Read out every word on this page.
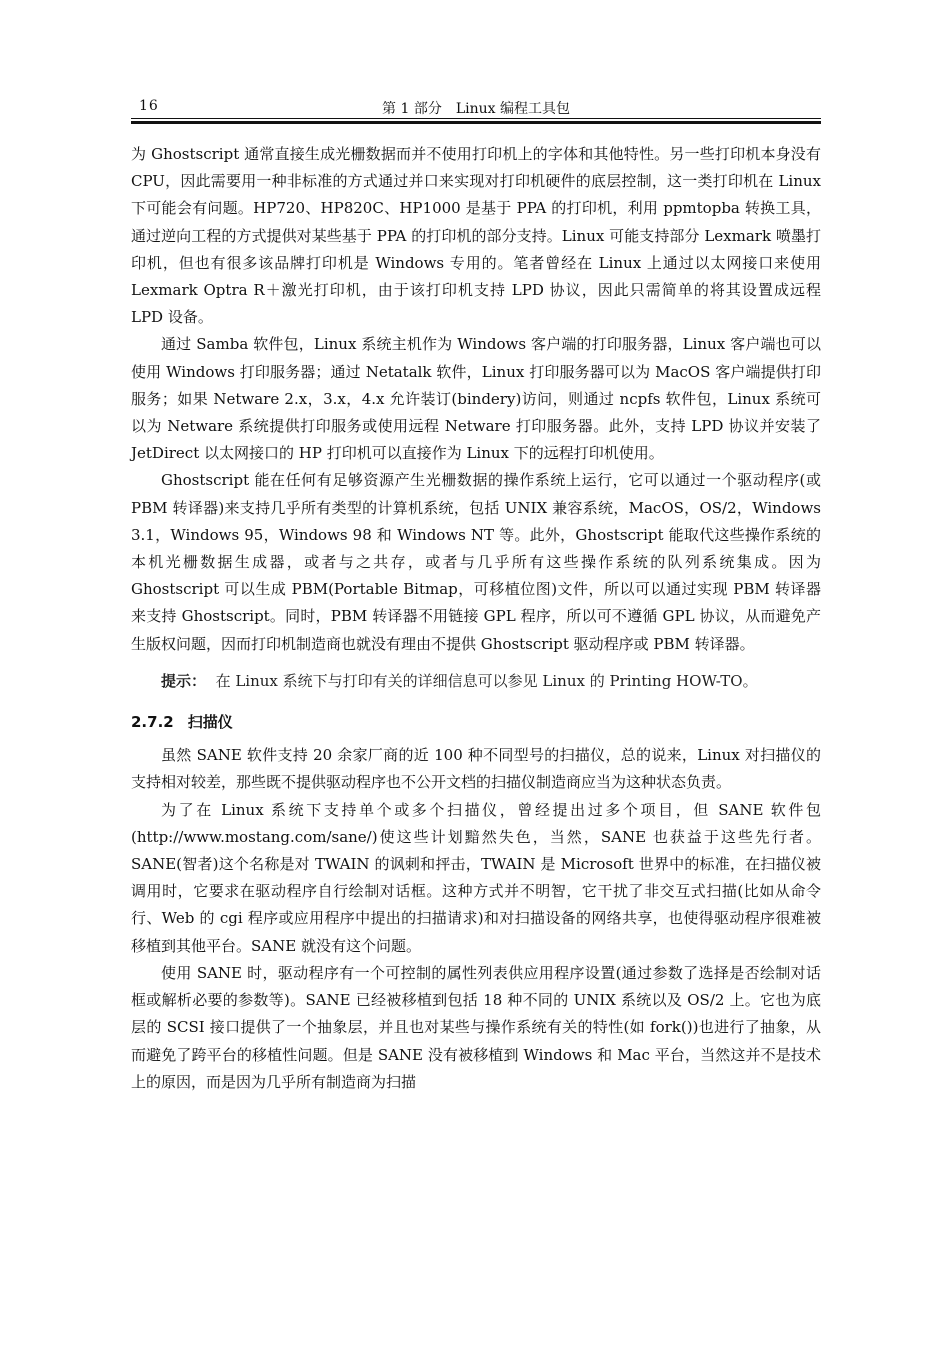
16	第 1 部分　Linux 编程工具包

为 Ghostscript 通常直接生成光栅数据而并不使用打印机上的字体和其他特性。另一些打印机本身没有 CPU，因此需要用一种非标准的方式通过并口来实现对打印机硬件的底层控制，这一类打印机在 Linux 下可能会有问题。HP720、HP820C、HP1000 是基于 PPA 的打印机，利用 ppmtopba 转换工具，通过逆向工程的方式提供对某些基于 PPA 的打印机的部分支持。Linux 可能支持部分 Lexmark 喷墨打印机，但也有很多该品牌打印机是 Windows 专用的。笔者曾经在 Linux 上通过以太网接口来使用 Lexmark Optra R＋激光打印机，由于该打印机支持 LPD 协议，因此只需简单的将其设置成远程 LPD 设备。

通过 Samba 软件包，Linux 系统主机作为 Windows 客户端的打印服务器，Linux 客户端也可以使用 Windows 打印服务器；通过 Netatalk 软件，Linux 打印服务器可以为 MacOS 客户端提供打印服务；如果 Netware 2.x，3.x，4.x 允许装订(bindery)访问，则通过 ncpfs 软件包，Linux 系统可以为 Netware 系统提供打印服务或使用远程 Netware 打印服务器。此外，支持 LPD 协议并安装了 JetDirect 以太网接口的 HP 打印机可以直接作为 Linux 下的远程打印机使用。

Ghostscript 能在任何有足够资源产生光栅数据的操作系统上运行，它可以通过一个驱动程序(或 PBM 转译器)来支持几乎所有类型的计算机系统，包括 UNIX 兼容系统，MacOS，OS/2，Windows 3.1，Windows 95，Windows 98 和 Windows NT 等。此外，Ghostscript 能取代这些操作系统的本机光栅数据生成器，或者与之共存，或者与几乎所有这些操作系统的队列系统集成。因为 Ghostscript 可以生成 PBM(Portable Bitmap，可移植位图)文件，所以可以通过实现 PBM 转译器来支持 Ghostscript。同时，PBM 转译器不用链接 GPL 程序，所以可不遵循 GPL 协议，从而避免产生版权问题，因而打印机制造商也就没有理由不提供 Ghostscript 驱动程序或 PBM 转译器。

提示： 在 Linux 系统下与打印有关的详细信息可以参见 Linux 的 Printing HOW-TO。

2.7.2 扫描仪

虽然 SANE 软件支持 20 余家厂商的近 100 种不同型号的扫描仪，总的说来，Linux 对扫描仪的支持相对较差，那些既不提供驱动程序也不公开文档的扫描仪制造商应当为这种状态负责。

为了在 Linux 系统下支持单个或多个扫描仪，曾经提出过多个项目，但 SANE 软件包(http://www.mostang.com/sane/)使这些计划黯然失色，当然，SANE 也获益于这些先行者。SANE(智者)这个名称是对 TWAIN 的讽刺和抨击，TWAIN 是 Microsoft 世界中的标准，在扫描仪被调用时，它要求在驱动程序自行绘制对话框。这种方式并不明智，它干扰了非交互式扫描(比如从命令行、Web 的 cgi 程序或应用程序中提出的扫描请求)和对扫描设备的网络共享，也使得驱动程序很难被移植到其他平台。SANE 就没有这个问题。

使用 SANE 时，驱动程序有一个可控制的属性列表供应用程序设置(通过参数了选择是否绘制对话框或解析必要的参数等)。SANE 已经被移植到包括 18 种不同的 UNIX 系统以及 OS/2 上。它也为底层的 SCSI 接口提供了一个抽象层，并且也对某些与操作系统有关的特性(如 fork())也进行了抽象，从而避免了跨平台的移植性问题。但是 SANE 没有被移植到 Windows 和 Mac 平台，当然这并不是技术上的原因，而是因为几乎所有制造商为扫描
